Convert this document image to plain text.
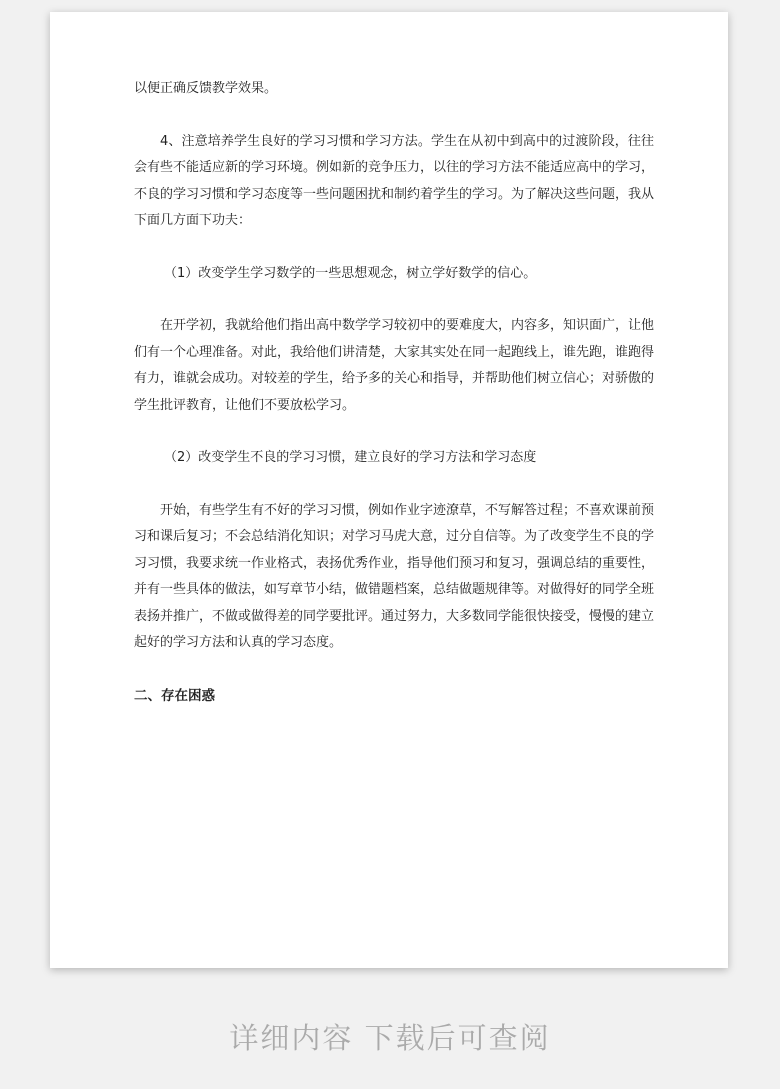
以便正确反馈教学效果。

4、注意培养学生良好的学习习惯和学习方法。学生在从初中到高中的过渡阶段，往往会有些不能适应新的学习环境。例如新的竞争压力，以往的学习方法不能适应高中的学习，不良的学习习惯和学习态度等一些问题困扰和制约着学生的学习。为了解决这些问题，我从下面几方面下功夫：

（1）改变学生学习数学的一些思想观念，树立学好数学的信心。

在开学初，我就给他们指出高中数学学习较初中的要难度大，内容多，知识面广，让他们有一个心理准备。对此，我给他们讲清楚，大家其实处在同一起跑线上，谁先跑，谁跑得有力，谁就会成功。对较差的学生，给予多的关心和指导，并帮助他们树立信心；对骄傲的学生批评教育，让他们不要放松学习。

（2）改变学生不良的学习习惯，建立良好的学习方法和学习态度

开始，有些学生有不好的学习习惯，例如作业字迹潦草，不写解答过程；不喜欢课前预习和课后复习；不会总结消化知识；对学习马虎大意，过分自信等。为了改变学生不良的学习习惯，我要求统一作业格式，表扬优秀作业，指导他们预习和复习，强调总结的重要性，并有一些具体的做法，如写章节小结，做错题档案，总结做题规律等。对做得好的同学全班表扬并推广，不做或做得差的同学要批评。通过努力，大多数同学能很快接受，慢慢的建立起好的学习方法和认真的学习态度。

二、存在困惑

详细内容 下载后可查阅
